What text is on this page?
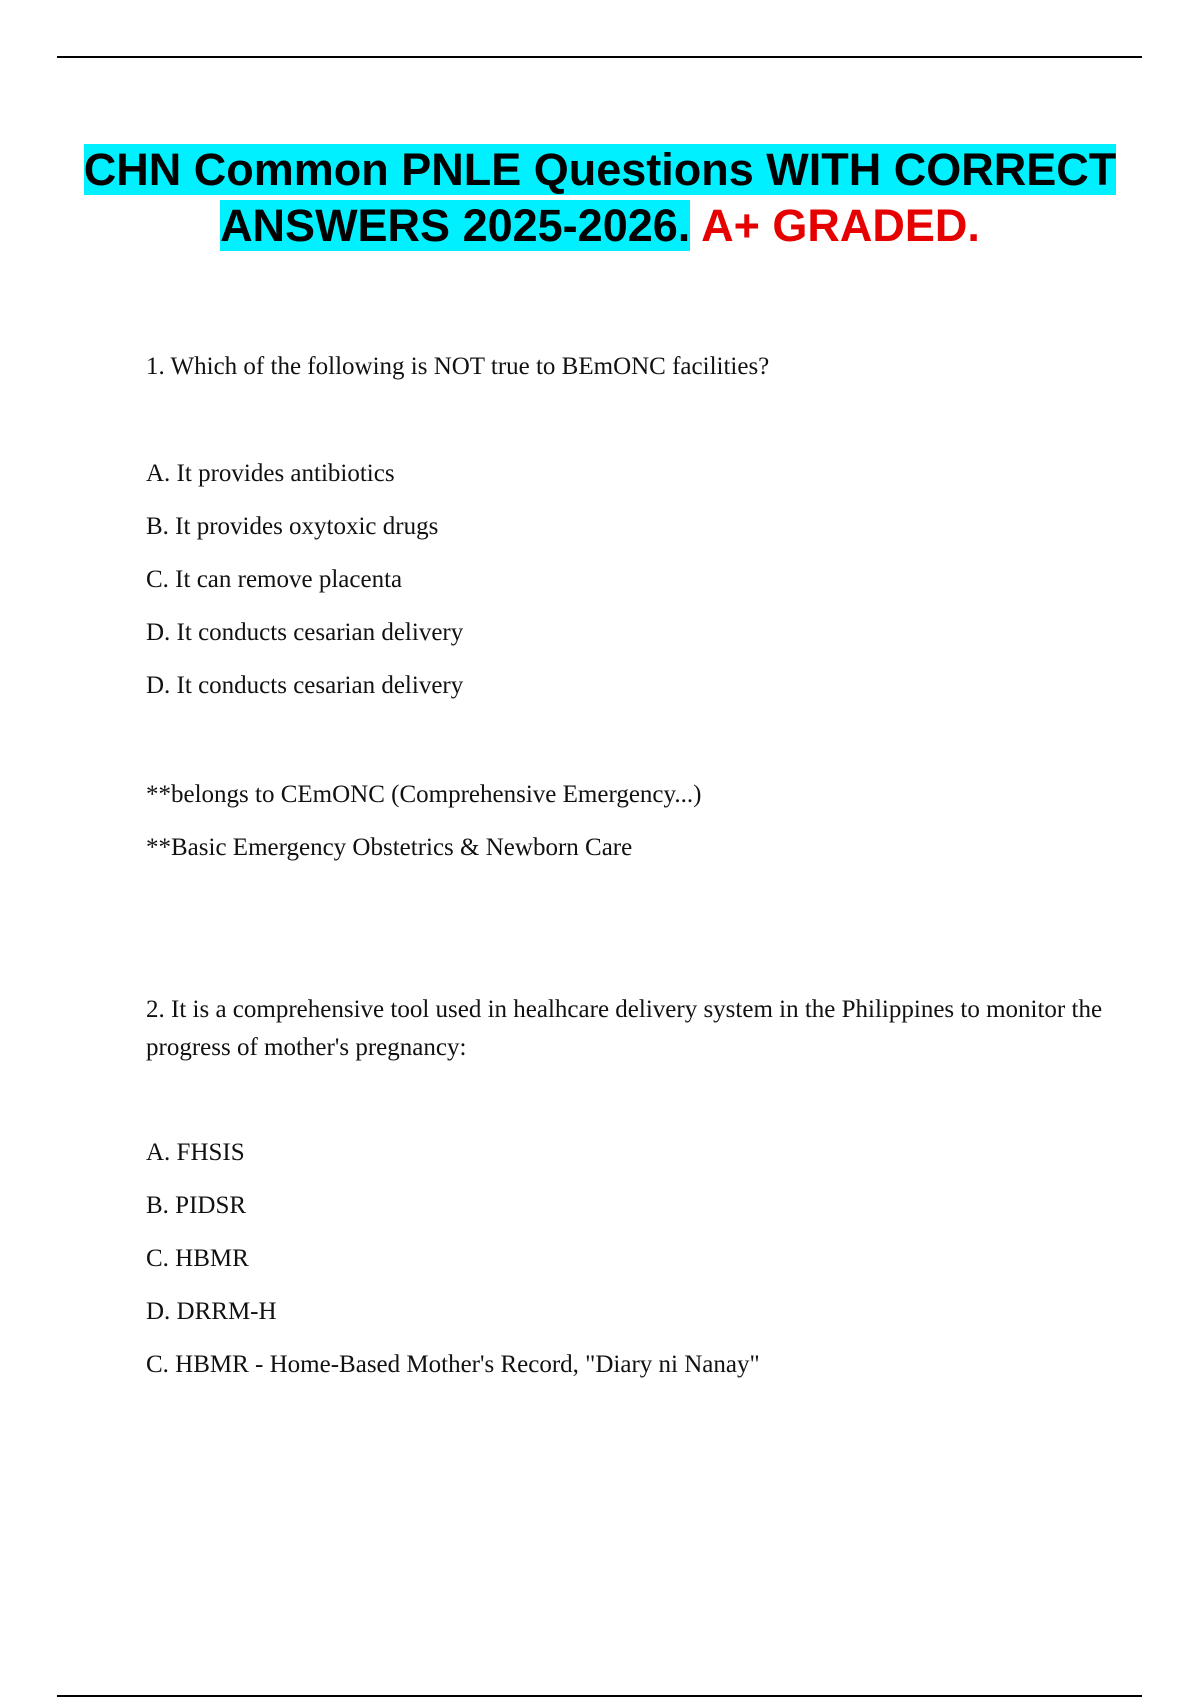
CHN Common PNLE Questions WITH CORRECT ANSWERS 2025-2026. A+ GRADED.
1. Which of the following is NOT true to BEmONC facilities?
A. It provides antibiotics
B. It provides oxytoxic drugs
C. It can remove placenta
D. It conducts cesarian delivery
D. It conducts cesarian delivery
**belongs to CEmONC (Comprehensive Emergency...)
**Basic Emergency Obstetrics & Newborn Care
2. It is a comprehensive tool used in healhcare delivery system in the Philippines to monitor the progress of mother's pregnancy:
A. FHSIS
B. PIDSR
C. HBMR
D. DRRM-H
C. HBMR - Home-Based Mother's Record, "Diary ni Nanay"
